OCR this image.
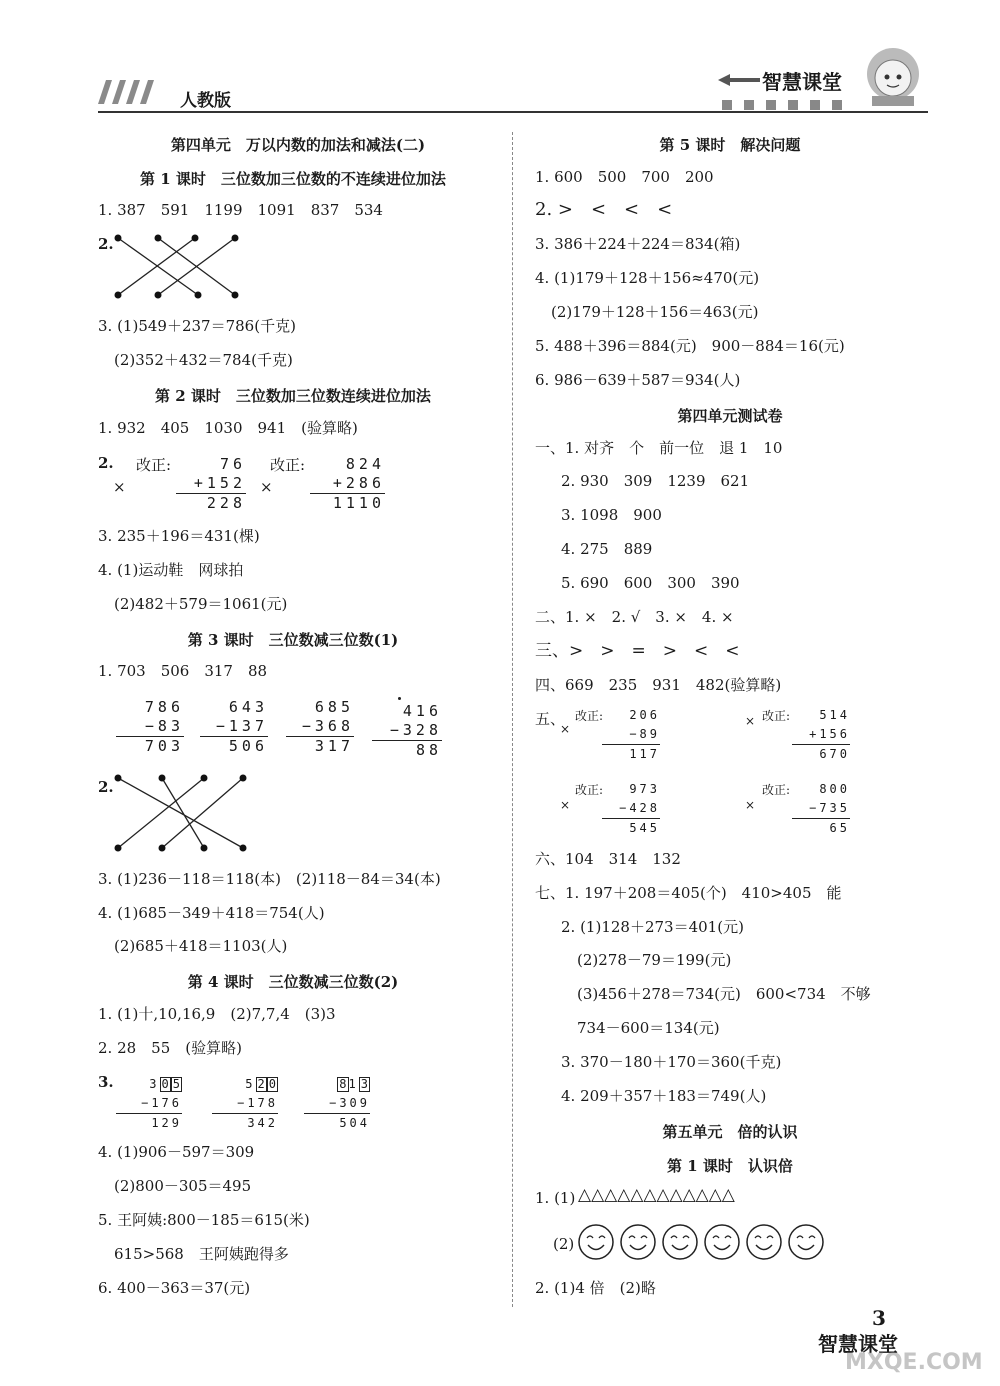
人教版
智慧课堂
第四单元　万以内数的加法和减法(二)
第 1 课时　三位数加三位数的不连续进位加法
1. 387　591　1199　1091　837　534
2.
3. (1)549＋237＝786(千克)
(2)352＋432＝784(千克)
第 2 课时　三位数加三位数连续进位加法
1. 932　405　1030　941　(验算略)
2.
×
改正:	76
+152
228
×
改正:	824
+286
1110
3. 235＋196＝431(棵)
4. (1)运动鞋　网球拍
(2)482＋579＝1061(元)
第 3 课时　三位数减三位数(1)
1. 703　506　317　88
786
−83
703
643
−137
506
685
−368
317
416
−328
88
2.
3. (1)236－118＝118(本)　(2)118－84＝34(本)
4. (1)685－349＋418＝754(人)
(2)685＋418＝1103(人)
第 4 课时　三位数减三位数(2)
1. (1)十,10,16,9　(2)7,7,4　(3)3
2. 28　55　(验算略)
3.	3 0 5
−176
129
5 2 0
−178
342
8 1 3
−309
504
4. (1)906－597＝309
(2)800－305＝495
5. 王阿姨:800－185＝615(米)
615>568　王阿姨跑得多
6. 400－363＝37(元)
第 5 课时　解决问题
1. 600　500　700　200
2. >　<　<　<
3. 386＋224＋224＝834(箱)
4. (1)179＋128＋156≈470(元)
(2)179＋128＋156＝463(元)
5. 488＋396＝884(元)　900－884＝16(元)
6. 986－639＋587＝934(人)
第四单元测试卷
一、1. 对齐　个　前一位　退 1　10
2. 930　309　1239　621
3. 1098　900
4. 275　889
5. 690　600　300　390
二、1. ×　2. √　3. ×　4. ×
三、>　>　=　>　<　<
四、669　235　931　482(验算略)
五、
×
改正:	206
−89
117
× 改正:	514
+156
670
×
改正:	973
−428
545
×
改正:	800
−735
65
六、104　314　132
七、1. 197＋208＝405(个)　410>405　能
2. (1)128＋273＝401(元)
(2)278－79＝199(元)
(3)456＋278＝734(元)　600<734　不够
734－600＝134(元)
3. 370－180＋170＝360(千克)
4. 209＋357＋183＝749(人)
第五单元　倍的认识
第 1 课时　认识倍
1. (1) △△△△△△△△△△△△
(2)
2. (1)4 倍　(2)略
3
智慧课堂
MXQE.COM
